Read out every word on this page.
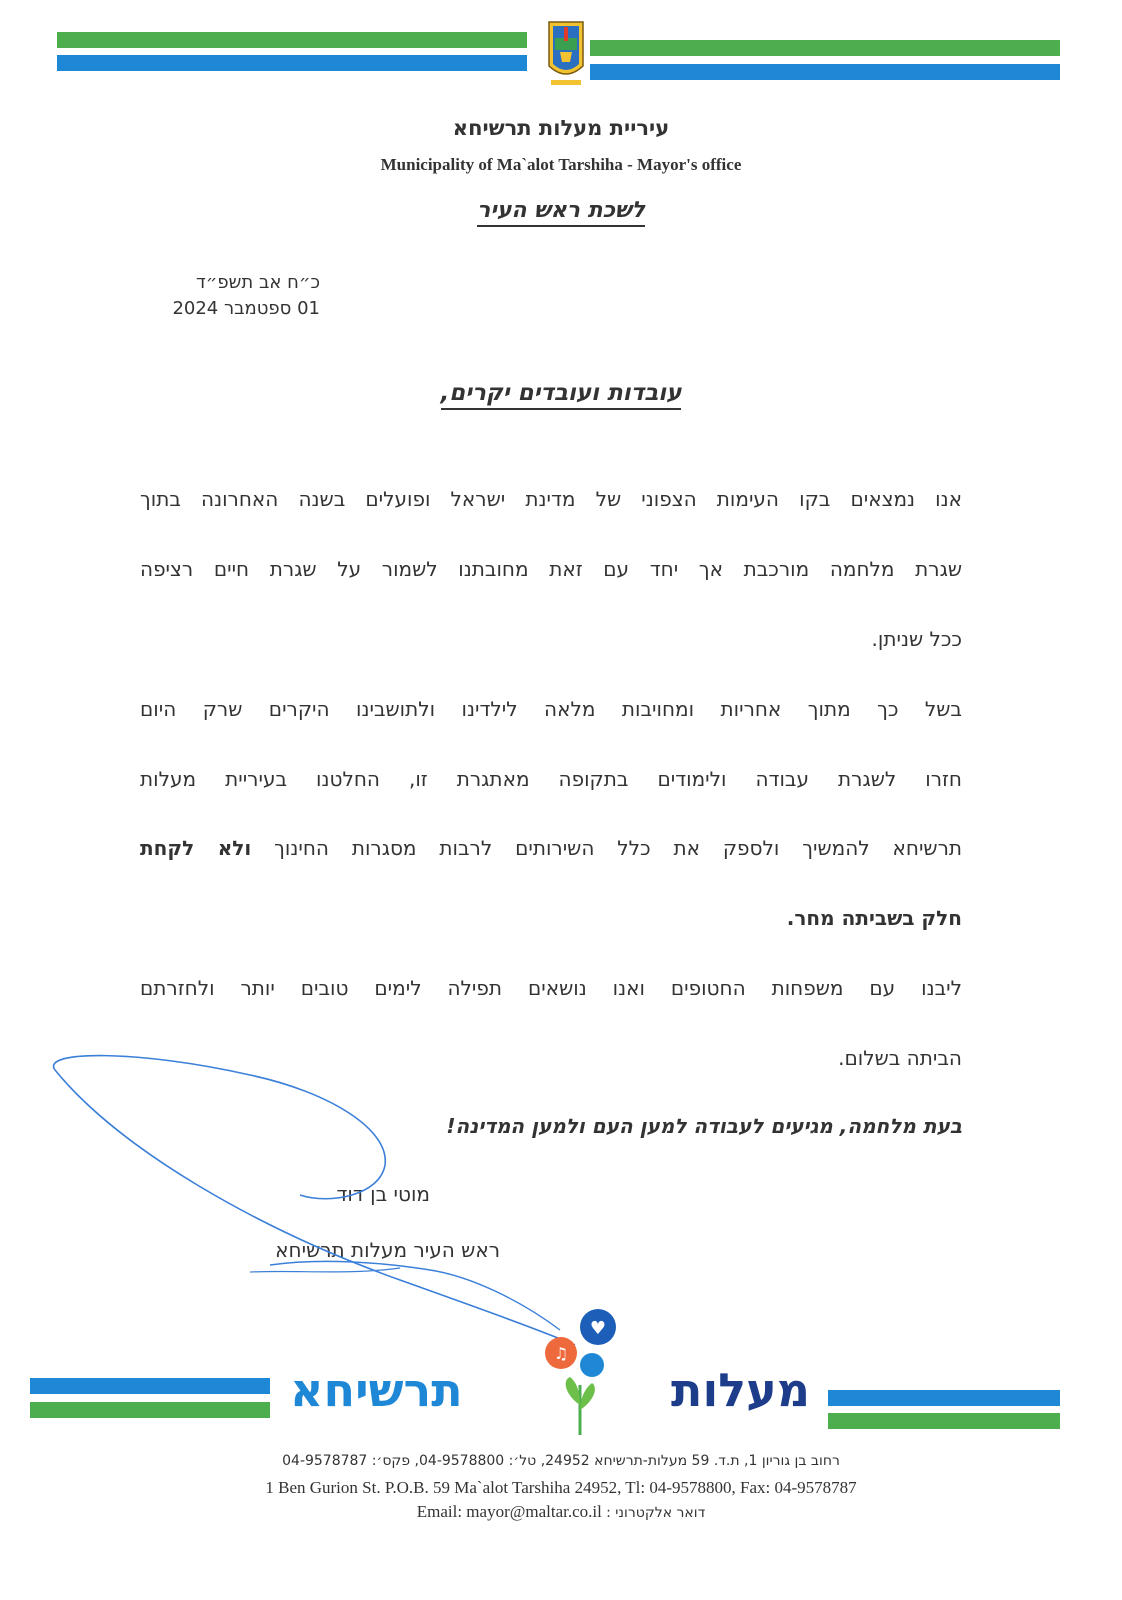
עיריית מעלות תרשיחא
Municipality of Ma`alot Tarshiha - Mayor's office
לשכת ראש העיר
כ״ח אב תשפ״ד
01 ספטמבר 2024
עובדות ועובדים יקרים,
אנו נמצאים בקו העימות הצפוני של מדינת ישראל ופועלים בשנה האחרונה בתוך
שגרת מלחמה מורכבת אך יחד עם זאת מחובתנו לשמור על שגרת חיים רציפה
ככל שניתן.
בשל כך מתוך אחריות ומחויבות מלאה לילדינו ולתושבינו היקרים שרק היום
חזרו לשגרת עבודה ולימודים בתקופה מאתגרת זו, החלטנו בעיריית מעלות
תרשיחא להמשיך ולספק את כלל השירותים לרבות מסגרות החינוך ולא לקחת
חלק בשביתה מחר.
ליבנו עם משפחות החטופים ואנו נושאים תפילה לימים טובים יותר ולחזרתם
הביתה בשלום.
בעת מלחמה, מגיעים לעבודה למען העם ולמען המדינה!
מוטי בן דוד
ראש העיר מעלות תרשיחא
♫
♥
מעלות
תרשיחא
רחוב בן גוריון 1, ת.ד. 59 מעלות-תרשיחא 24952, טל׳: 04-9578800, פקס׳: 04-9578787
1 Ben Gurion St. P.O.B. 59 Ma`alot Tarshiha 24952, Tl: 04-9578800, Fax: 04-9578787
Email: mayor@maltar.co.il דואר אלקטרוני :
